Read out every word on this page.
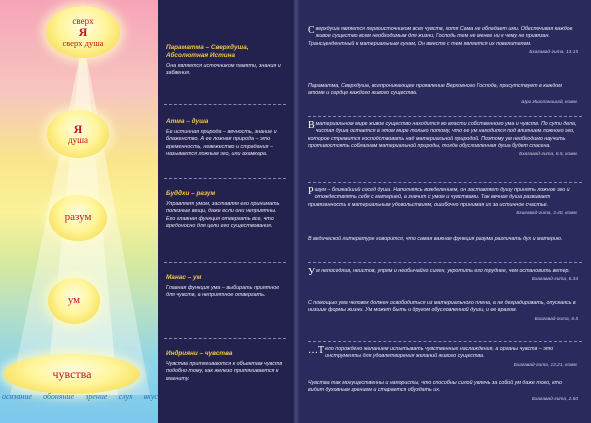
сверх
Я
сверх душа
Я
душа
разум
ум
чувства
осязание обоняние зрение слух вкус
Параматма – Сверхдуша, Абсолютная Истина

Она является источником памяти, знания и забвения.

Атма – душа

Ее истинная природа – вечность, знание и блаженство. А ее ложная природа – это временность, невежество и страдания – называется ложным эго, или ахамкара.

Буддхи – разум

Управляет умом, заставляя его принимать полезные вещи, даже если они неприятны. Его главная функция отвергать все, что вредоносно для цели его существования.

Манас – ум

Главная функция ума – выбирать приятное для чувств, а неприятное отвергать.

Индрияни – чувства

Чувства притягиваются к объектам чувств подобно тому, как железо притягивается к магниту.

Сверхдуша является первоисточником всех чувств, хотя Сама не обладает ими. Обеспечивая каждое живое существо всем необходимым для жизни, Господь тем не менее ни к чему не привязан. Трансцендентный к материальным гунам, Он вместе с тем является их повелителем.

Бхагавад-гита, 13.15

Параматма, Сверхдуша, всепроникающее проявление Верховного Господа, присутствует в каждом атоме и сердце каждого живого существа.

Шри Ишопанишад, комм.

В материальном мире живое существо находится во власти собственного ума и чувств. По сути дела, чистая душа остается в этом мире только потому, что ее ум находится под влиянием ложного эго, которое стремится господствовать над материальной природой. Поэтому ум необходимо научить противостоять соблазнам материальной природы, тогда обусловленная душа будет спасена.

Бхагавад-гита, 6.5, комм.

Разум – ближайший сосед души. Наполняясь вожделением, он заставляет душу принять ложное эго и отождествлять себя с материей, а значит с умом и чувствами. Так вечная душа развивает привязанность к материальным удовольствиям, ошибочно принимая их за истинное счастье.

Бхагавад-гита, 3.40, комм.

В ведической литературе говорится, что самая важная функция разума различать дух и материю.

Ум непоседлив, неистов, упрям и необычайно силен, укротить его труднее, чем остановить ветер.

Бхагавад-гита, 6.34

С помощью ума человек должен освободиться из материального плена, а не деградировать, опускаясь в низшие формы жизни. Ум может быть и другом обусловленной души, и ее врагом.

Бхагавад-гита, 6.5

…Т ело порождено желанием испытывать чувственные наслаждения, а органы чувств – это инструменты для удовлетворения желаний живого существа.

Бхагавад-гита, 13.21, комм.

Чувства так могущественны и напористы, что способны силой увлечь за собой ум даже того, кто видит духовным зрением и старается обуздать их.

Бхагавад-гита, 2.60
